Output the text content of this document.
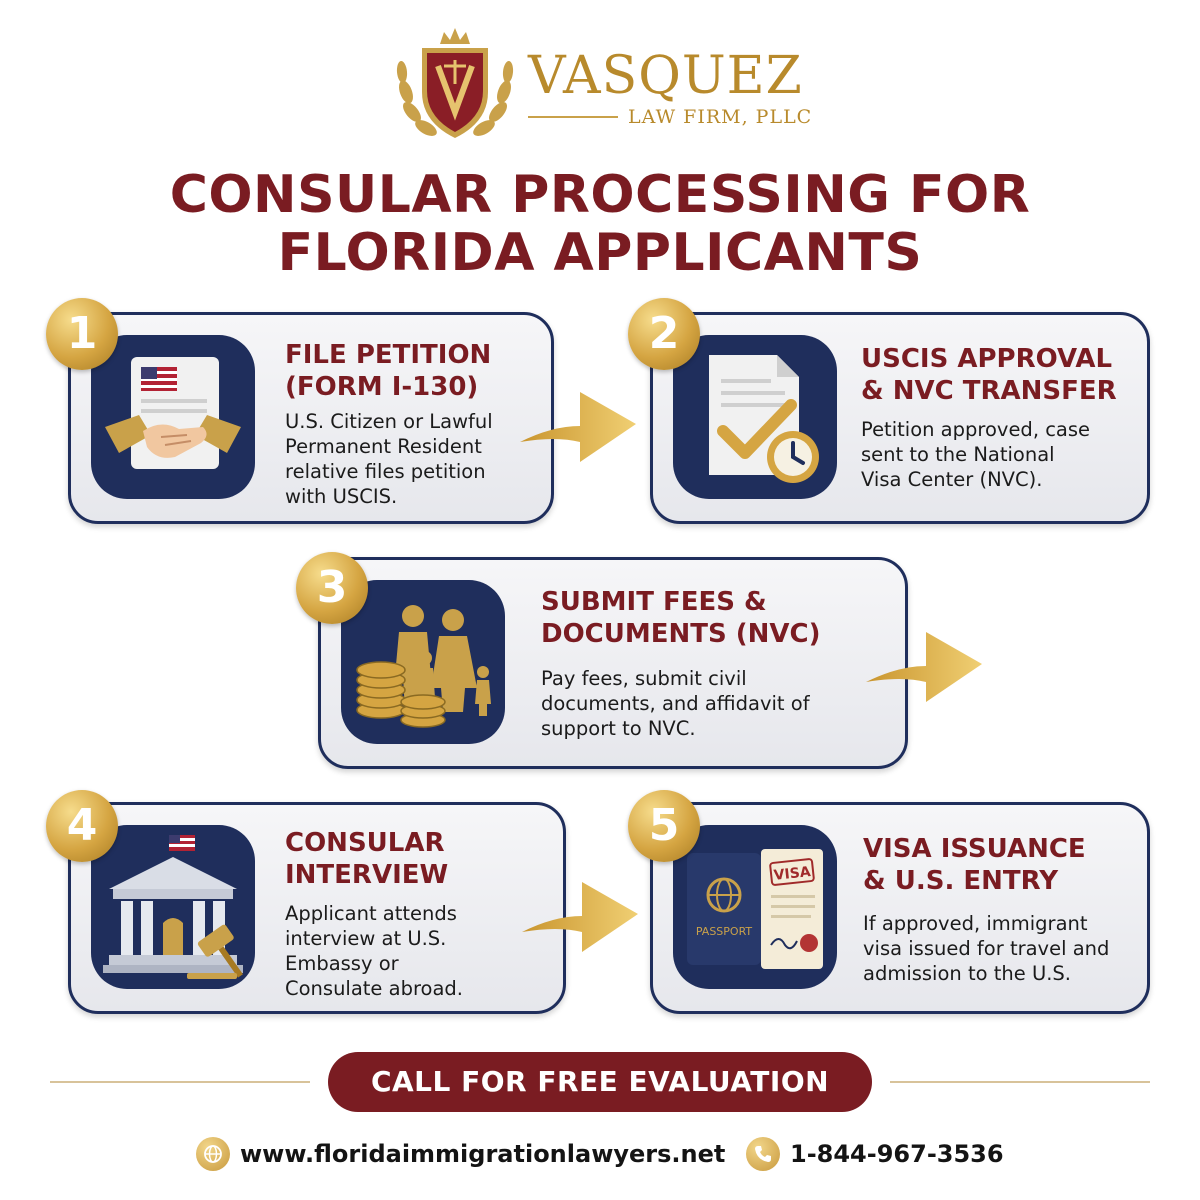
VASQUEZ
LAW FIRM, PLLC
CONSULAR PROCESSING FOR
FLORIDA APPLICANTS
FILE PETITION
(FORM I-130)
U.S. Citizen or Lawful
Permanent Resident
relative files petition
with USCIS.
1	USCIS APPROVAL
& NVC TRANSFER
Petition approved, case
sent to the National
Visa Center (NVC).
2
SUBMIT FEES &
DOCUMENTS (NVC)
Pay fees, submit civil
documents, and affidavit of
support to NVC.
3
CONSULAR
INTERVIEW
Applicant attends
interview at U.S.
Embassy or
Consulate abroad.
4
PASSPORT
VISA
VISA ISSUANCE
& U.S. ENTRY
If approved, immigrant
visa issued for travel and
admission to the U.S.
5
CALL FOR FREE EVALUATION
www.floridaimmigrationlawyers.net	1-844-967-3536
